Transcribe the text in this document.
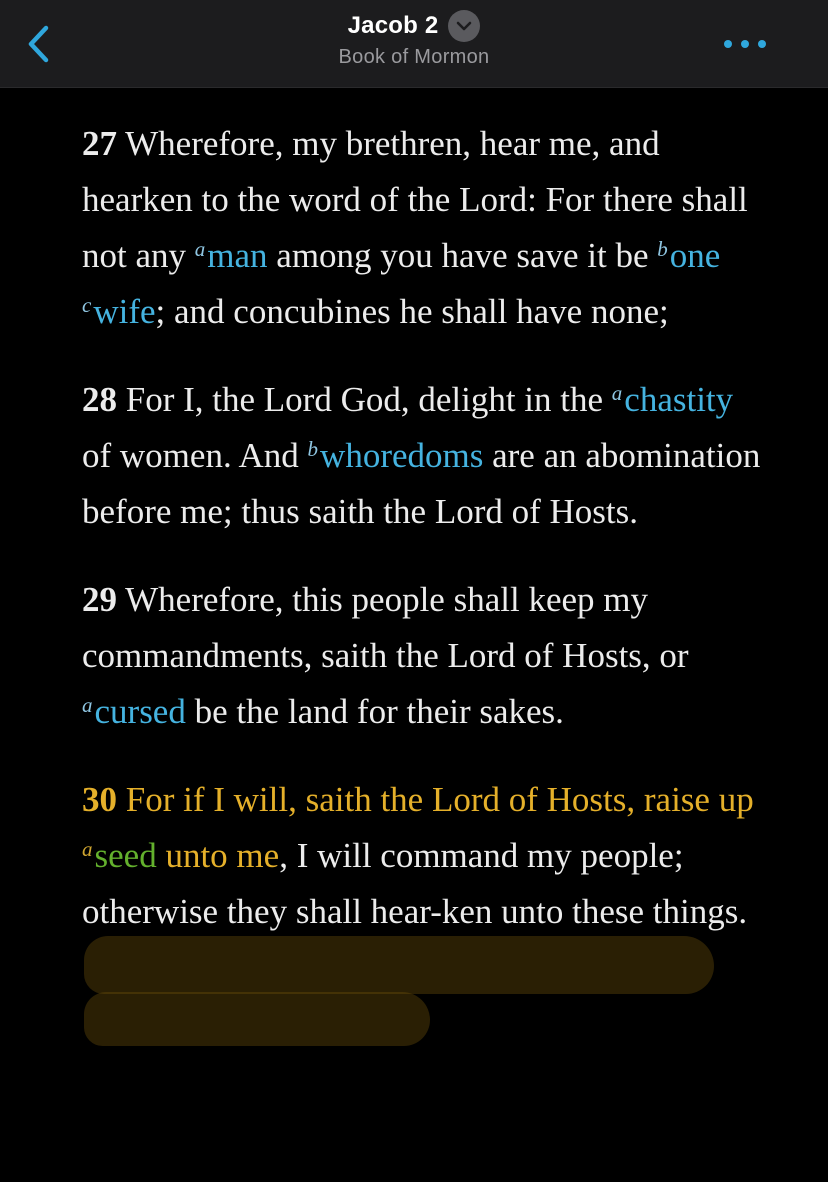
Jacob 2
Book of Mormon

27 Wherefore, my brethren, hear me, and hearken to the word of the Lord: For there shall not any $^a$man among you have save it be $^b$one $^c$wife; and concubines he shall have none;

28 For I, the Lord God, delight in the $^a$chastity of women. And $^b$whoredoms are an abomination before me; thus saith the Lord of Hosts.

29 Wherefore, this people shall keep my commandments, saith the Lord of Hosts, or $^a$cursed be the land for their sakes.

30 For if I will, saith the Lord of Hosts, raise up $^a$seed unto me, I will command my people; otherwise they shall hear-ken unto these things.
